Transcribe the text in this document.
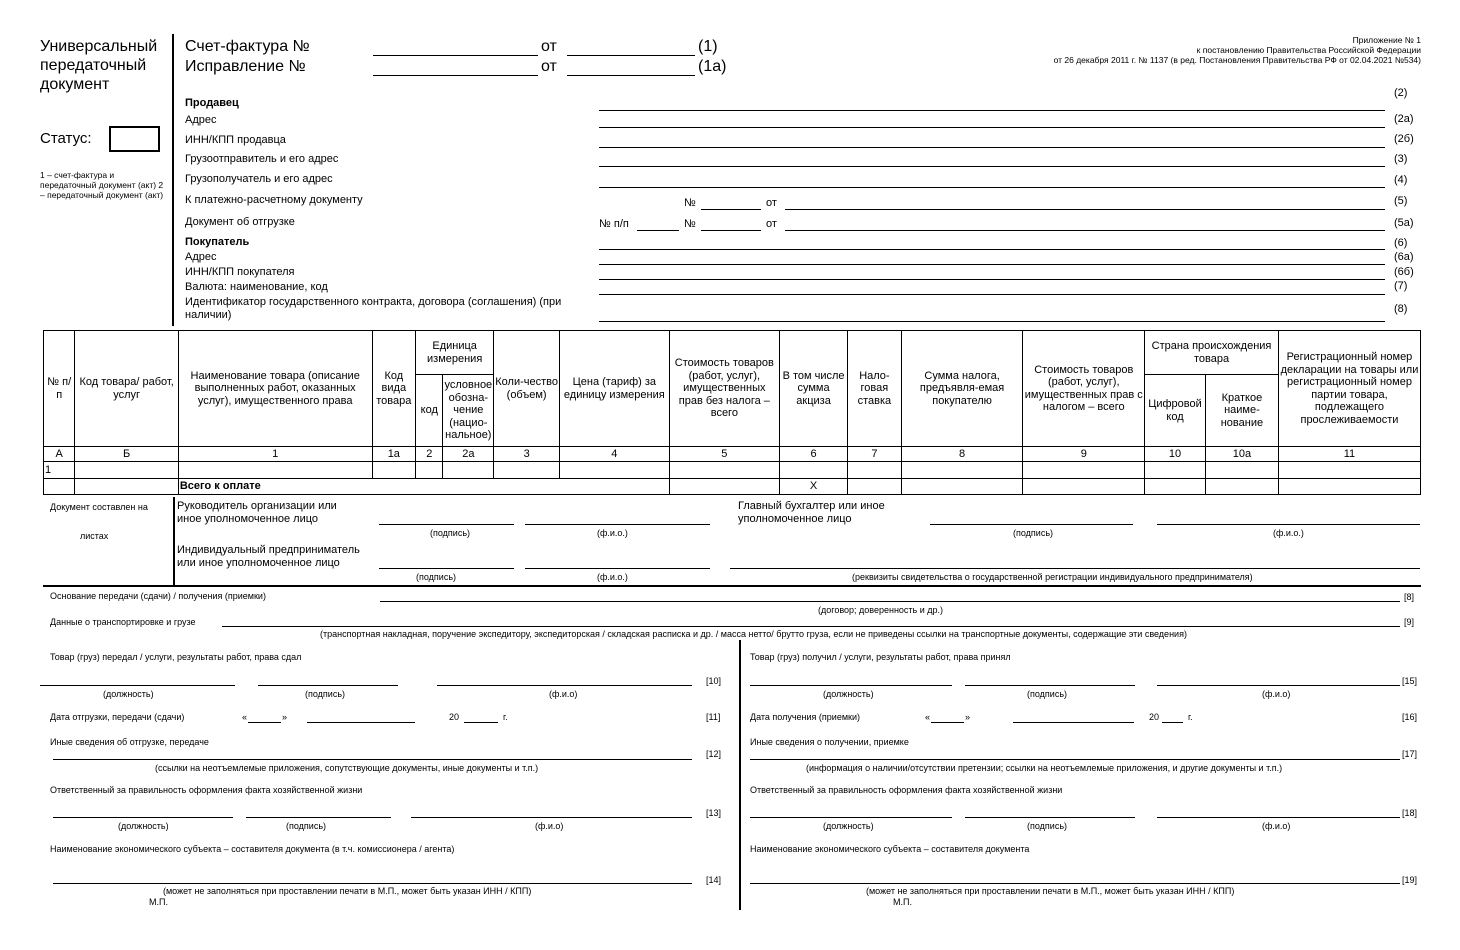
Универсальный передаточный документ
Счет-фактура №	от	(1)
Исправление №	от	(1а)
Приложение № 1
к постановлению Правительства Российской Федерации
от 26 декабря 2011 г. № 1137 (в ред. Постановления Правительства РФ от 02.04.2021 №534)
Статус:
1 – счет-фактура и передаточный документ (акт) 2 – передаточный документ (акт)
Продавец
(2)
Адрес	(2а)
ИНН/КПП продавца	(2б)
Грузоотправитель и его адрес	(3)
Грузополучатель и его адрес	(4)
К платежно-расчетному документу	(5)
№	от
Документ об отгрузке	(5а)
№ п/п	№	от
Покупатель	(6)
Адрес	(6а)
ИНН/КПП покупателя	(6б)
Валюта: наименование, код	(7)
Идентификатор государственного контракта, договора (соглашения) (при наличии)	(8)
№ п/п	Код товара/ работ, услуг	Наименование товара (описание выполненных работ, оказанных услуг), имущественного права	Код вида товара	Единица измерения		Коли-чество (объем)	Цена (тариф) за единицу измерения	Стоимость товаров (работ, услуг), имущественных прав без налога – всего	В том числе сумма акциза	Нало-говая ставка	Сумма налога, предъявля-емая покупателю	Стоимость товаров (работ, услуг), имущественных прав с налогом – всего	Страна происхождения товара		Регистрационный номер декларации на товары или регистрационный номер партии товара, подлежащего прослеживаемости
				код	условное обозна-чение (нацио-нальное)								Цифровой код	Краткое наиме-нование	
А	Б	1	1а	2	2а	3	4	5	6	7	8	9	10	10а	11
1															
		Всего к оплате							X						
Документ составлен на
листах
Руководитель организации или иное уполномоченное лицо
(подпись)	(ф.и.о.)
Главный бухгалтер или иное уполномоченное лицо
(подпись)	(ф.и.о.)
Индивидуальный предприниматель или иное уполномоченное лицо
(подпись)	(ф.и.о.)	(реквизиты свидетельства о государственной регистрации индивидуального предпринимателя)
Основание передачи (сдачи) / получения (приемки)	[8]
(договор; доверенность и др.)
Данные о транспортировке и грузе	[9]
(транспортная накладная, поручение экспедитору, экспедиторская / складская расписка и др. / масса нетто/ брутто груза, если не приведены ссылки на транспортные документы, содержащие эти сведения)
Товар (груз) передал / услуги, результаты работ, права сдал
[10]
(должность)	(подпись)	(ф.и.о)
Дата отгрузки, передачи (сдачи)	«	»	20	г.	[11]
Иные сведения об отгрузке, передаче
[12]
(ссылки на неотъемлемые приложения, сопутствующие документы, иные документы и т.п.)
Ответственный за правильность оформления факта хозяйственной жизни
[13]
(должность)	(подпись)	(ф.и.о)
Наименование экономического субъекта – составителя документа (в т.ч. комиссионера / агента)
[14]
(может не заполняться при проставлении печати в М.П., может быть указан ИНН / КПП)
М.П.
Товар (груз) получил / услуги, результаты работ, права принял
[15]
(должность)	(подпись)	(ф.и.о)
Дата получения (приемки)	«	»	20	г.	[16]
Иные сведения о получении, приемке
[17]
(информация о наличии/отсутствии претензии; ссылки на неотъемлемые приложения, и другие документы и т.п.)
Ответственный за правильность оформления факта хозяйственной жизни
[18]
(должность)	(подпись)	(ф.и.о)
Наименование экономического субъекта – составителя документа
[19]
(может не заполняться при проставлении печати в М.П., может быть указан ИНН / КПП)
М.П.
